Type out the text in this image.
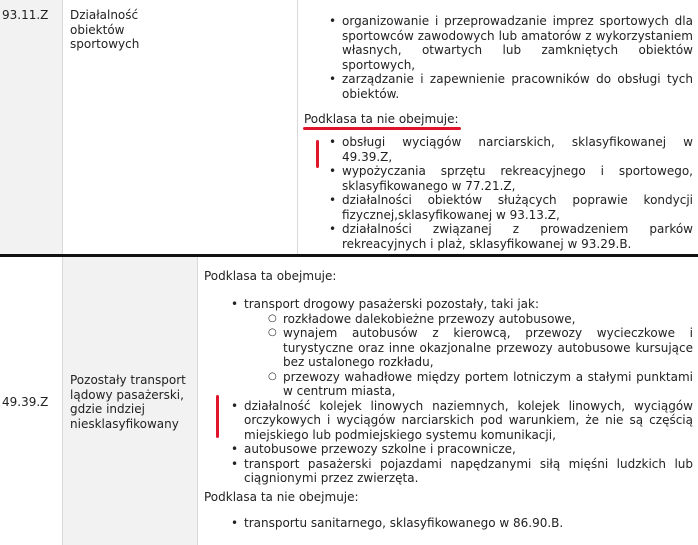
93.11.Z Działalność obiektów sportowych
• organizowanie i przeprowadzanie imprez sportowych dla sportowców zawodowych lub amatorów z wykorzystaniem własnych, otwartych lub zamkniętych obiektów sportowych,
• zarządzanie i zapewnienie pracowników do obsługi tych obiektów.
Podklasa ta nie obejmuje:
• obsługi wyciągów narciarskich, sklasyfikowanej w 49.39.Z,
• wypożyczania sprzętu rekreacyjnego i sportowego, sklasyfikowanego w 77.21.Z,
• działalności obiektów służących poprawie kondycji fizycznej,sklasyfikowanej w 93.13.Z,
• działalności związanej z prowadzeniem parków rekreacyjnych i plaż, sklasyfikowanej w 93.29.B.
49.39.Z
Pozostały transport lądowy pasażerski, gdzie indziej niesklasyfikowany
Podklasa ta obejmuje:
• transport drogowy pasażerski pozostały, taki jak:
○ rozkładowe dalekobieżne przewozy autobusowe,
○ wynajem autobusów z kierowcą, przewozy wycieczkowe i turystyczne oraz inne okazjonalne przewozy autobusowe kursujące bez ustalonego rozkładu,
○ przewozy wahadłowe między portem lotniczym a stałymi punktami w centrum miasta,
• działalność kolejek linowych naziemnych, kolejek linowych, wyciągów orczykowych i wyciągów narciarskich pod warunkiem, że nie są częścią miejskiego lub podmiejskiego systemu komunikacji,
• autobusowe przewozy szkolne i pracownicze,
• transport pasażerski pojazdami napędzanymi siłą mięśni ludzkich lub ciągnionymi przez zwierzęta.
Podklasa ta nie obejmuje:
• transportu sanitarnego, sklasyfikowanego w 86.90.B.
